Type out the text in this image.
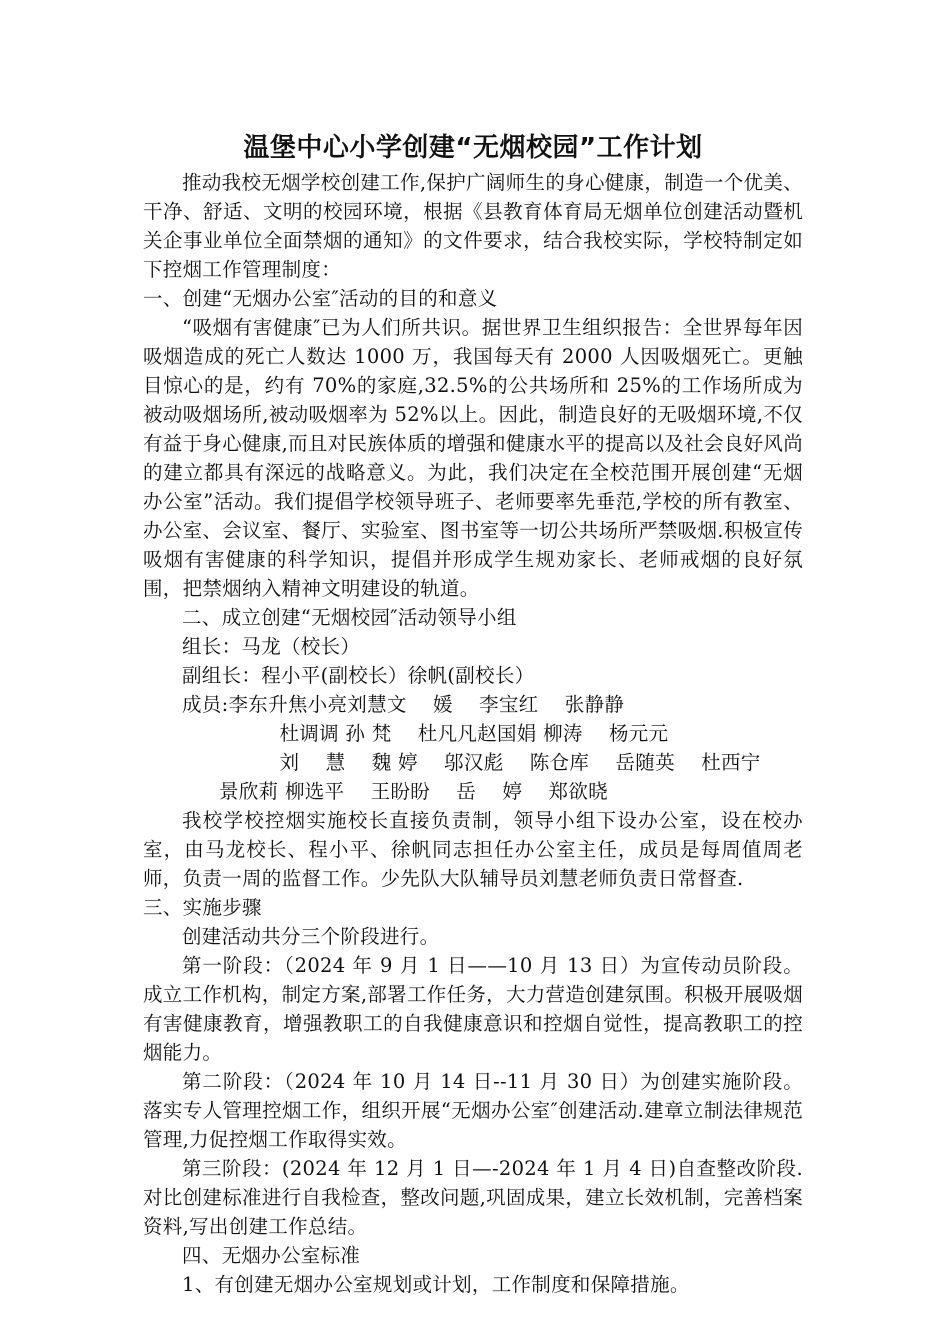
温堡中心小学创建“无烟校园”工作计划

推动我校无烟学校创建工作,保护广阔师生的身心健康，制造一个优美、干净、舒适、文明的校园环境，根据《县教育体育局无烟单位创建活动暨机关企事业单位全面禁烟的通知》的文件要求，结合我校实际，学校特制定如下控烟工作管理制度：

一、创建“无烟办公室″活动的目的和意义

“吸烟有害健康″已为人们所共识。据世界卫生组织报告：全世界每年因吸烟造成的死亡人数达 1000 万，我国每天有 2000 人因吸烟死亡。更触目惊心的是，约有 70%的家庭,32.5%的公共场所和 25%的工作场所成为被动吸烟场所,被动吸烟率为 52%以上。因此，制造良好的无吸烟环境,不仅有益于身心健康,而且对民族体质的增强和健康水平的提高以及社会良好风尚的建立都具有深远的战略意义。为此，我们决定在全校范围开展创建“无烟办公室”活动。我们提倡学校领导班子、老师要率先垂范,学校的所有教室、办公室、会议室、餐厅、实验室、图书室等一切公共场所严禁吸烟.积极宣传吸烟有害健康的科学知识，提倡并形成学生规劝家长、老师戒烟的良好氛围，把禁烟纳入精神文明建设的轨道。

二、成立创建“无烟校园″活动领导小组

组长：马龙（校长）

副组长：程小平(副校长）徐帆(副校长）

成员:李东升焦小亮刘慧文　 媛　 李宝红　 张静静

杜调调 孙 梵　 杜凡凡赵国娟 柳涛　 杨元元

刘　 慧　 魏 婷　 邬汉彪　 陈仓库　 岳随英　 杜西宁

景欣莉 柳选平　 王盼盼　 岳　 婷　 郑欲晓

我校学校控烟实施校长直接负责制，领导小组下设办公室，设在校办室，由马龙校长、程小平、徐帆同志担任办公室主任，成员是每周值周老师，负责一周的监督工作。少先队大队辅导员刘慧老师负责日常督查.

三、实施步骤

创建活动共分三个阶段进行。

第一阶段：（2024 年 9 月 1 日——10 月 13 日）为宣传动员阶段。成立工作机构，制定方案,部署工作任务，大力营造创建氛围。积极开展吸烟有害健康教育，增强教职工的自我健康意识和控烟自觉性，提高教职工的控烟能力。

第二阶段：（2024 年 10 月 14 日--11 月 30 日）为创建实施阶段。落实专人管理控烟工作，组织开展“无烟办公室″创建活动.建章立制法律规范管理,力促控烟工作取得实效。

第三阶段：(2024 年 12 月 1 日—-2024 年 1 月 4 日)自查整改阶段.对比创建标准进行自我检查，整改问题,巩固成果，建立长效机制，完善档案资料,写出创建工作总结。

四、无烟办公室标准

1、有创建无烟办公室规划或计划，工作制度和保障措施。
